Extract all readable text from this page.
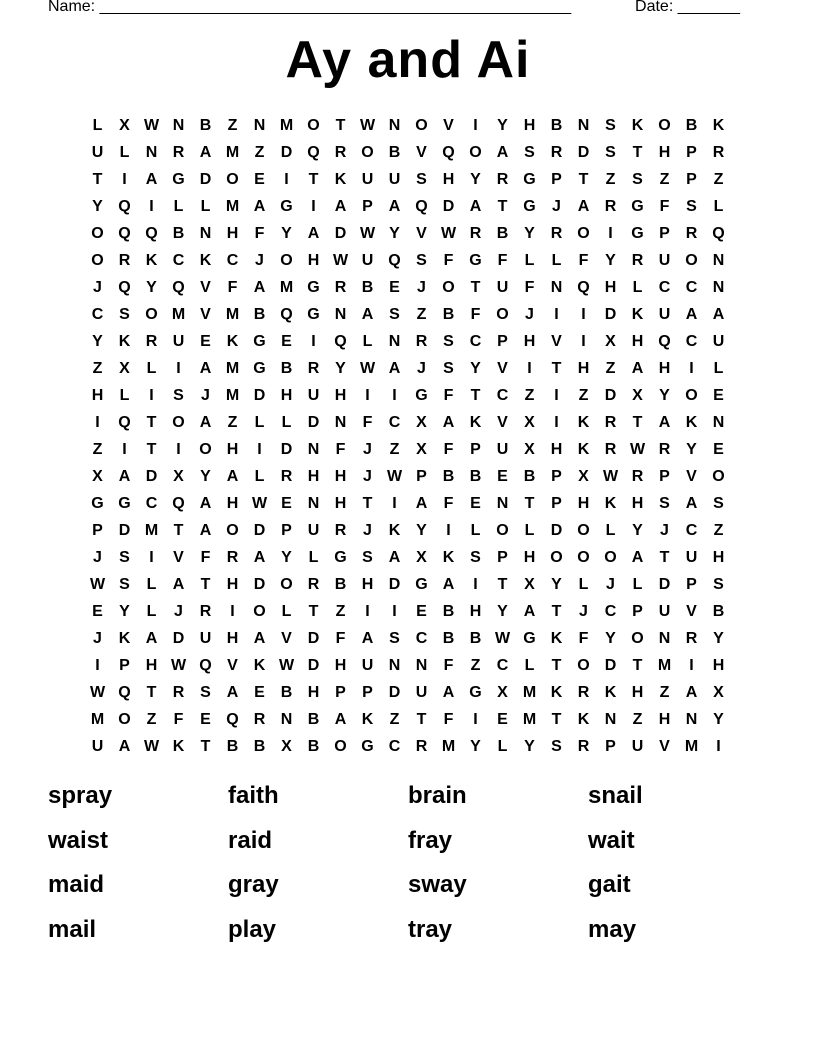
Name: _____________________________________________________	Date: _______
Ay and Ai
L	X W N B	Z	N M O T W N O V	I	Y H B N S K O B K
U	L	N R A M Z	D Q R O B V Q O A S R D S	T	H P R
T	I	A G D O E	I	T	K U U S H Y R G P	T	Z	S	Z	P	Z
Y Q	I	L	L M A G	I	A P A Q D A	T G	J	A R G F	S	L
O Q Q B N H	F	Y A D W Y	V W R B Y R O	I	G P R Q
O R K C K C	J	O H W U Q S	F G F	L	L	F	Y R U O N
J	Q Y Q V	F	A M G R B E	J	O T	U	F	N Q H	L	C C N
C S O M V M B Q G N A S	Z	B	F O	J	I	I	D K U A A
Y K R U E K G E	I	Q L	N R S C P H V	I	X H Q C U
Z	X	L	I	A M G B R Y W A	J	S	Y	V	I	T	H	Z	A H	I	L
H	L	I	S	J M D H U H	I	I	G F	T	C	Z	I	Z	D X	Y O E
I	Q T O A	Z	L	L	D N	F	C X A K V	X	I	K R	T	A K N
Z	I	T	I	O H	I	D N	F	J	Z	X	F	P U X H K R W R Y	E
X A D X	Y A	L	R H H	J W P B B E B P	X W R P	V O
G G C Q A H W E N H	T	I	A	F	E N	T	P H K H S A S
P D M T	A O D P U R	J	K Y	I	L O L	D O L	Y	J	C	Z
J	S	I	V	F	R A Y	L G S A X K S	P H O O O A	T	U H
W S	L	A	T	H D O R B H D G A	I	T	X	Y	L	J	L	D P	S
E	Y	L	J	R	I	O L	T	Z	I	I	E B H Y A	T	J	C P U V B
J	K A D U H A V D	F	A S C B B W G K	F	Y O N R Y
I	P H W Q V K W D H U N N	F	Z	C	L	T O D	T M	I	H
W Q T	R S A E B H P	P D U A G X M K R K H	Z	A X
M O Z	F	E Q R N B A K	Z	T	F	I	E M T	K N	Z	H N Y
U A W K	T	B B X B O G C R M Y	L	Y	S R P U V M	I
spray	faith	brain	snail
waist	raid	fray	wait
maid	gray	sway	gait
mail	play	tray	may
